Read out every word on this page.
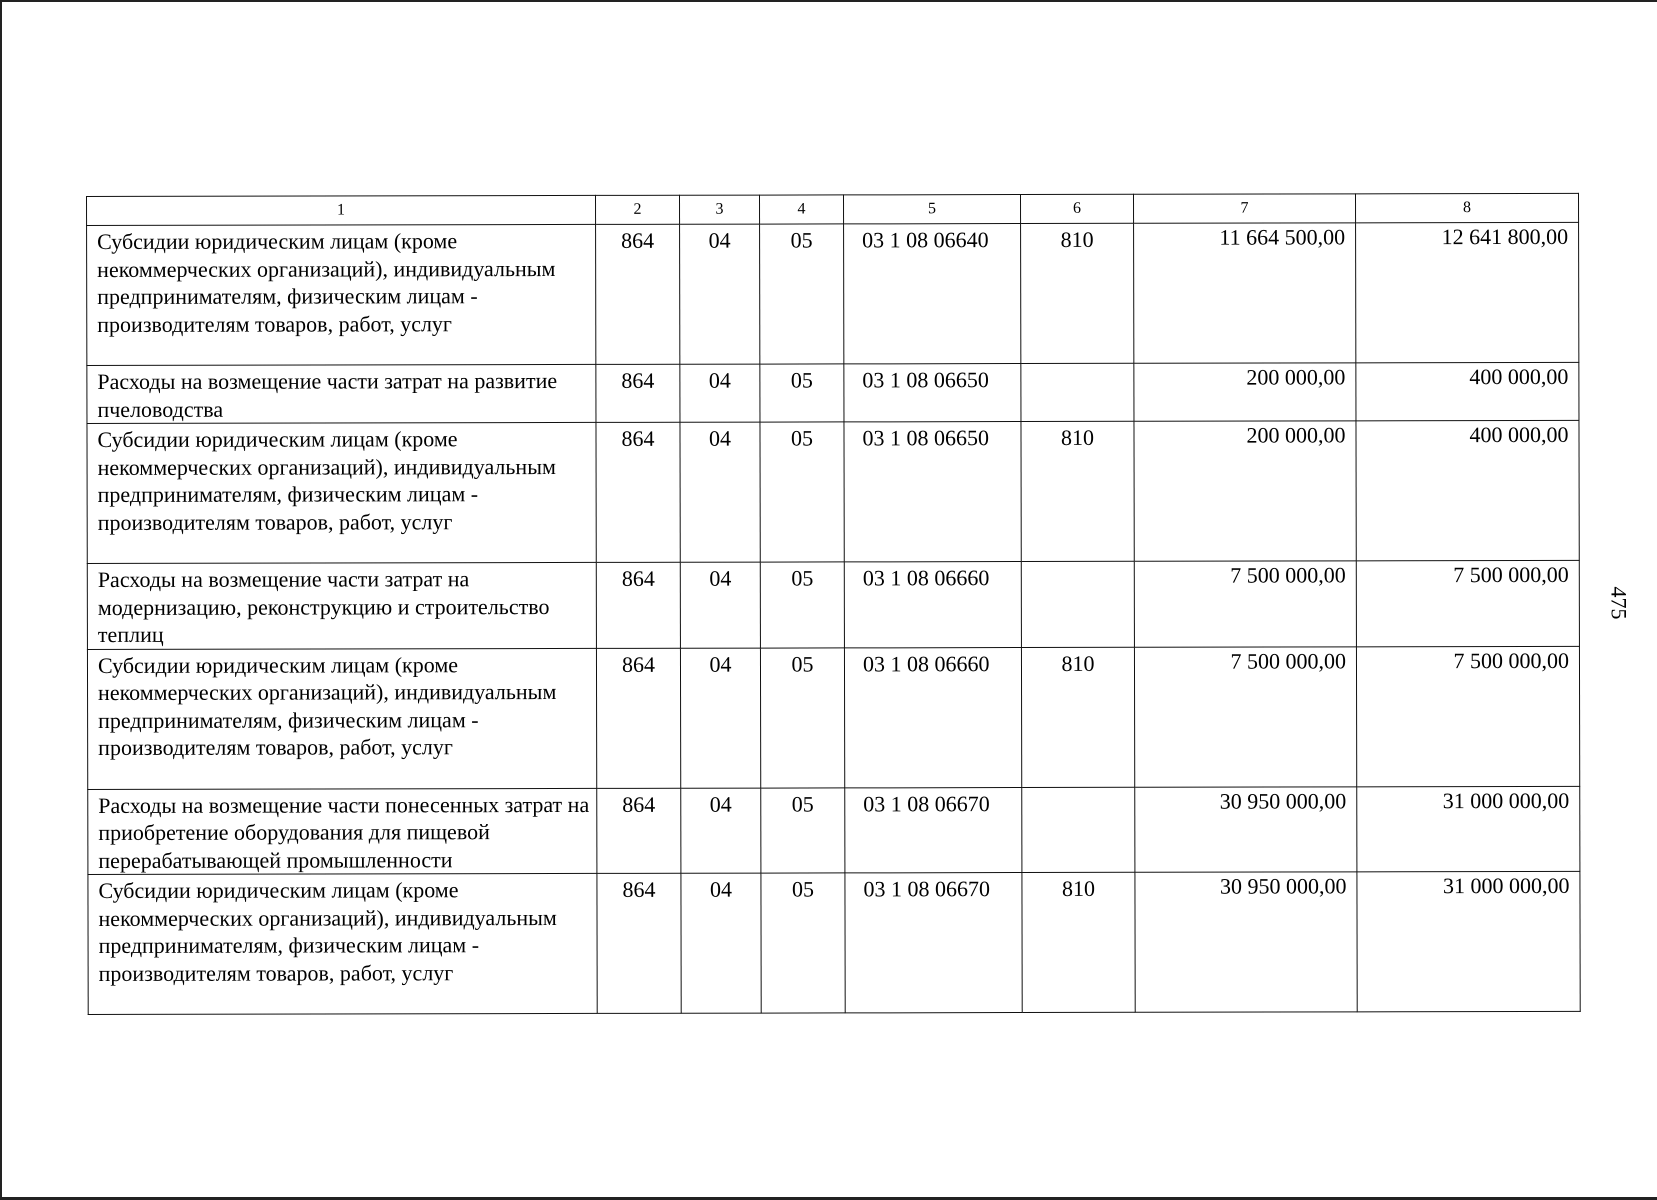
1	2	3	4	5	6	7	8
Субсидии юридическим лицам (кроме некоммерческих организаций), индивидуальным предпринимателям, физическим лицам - производителям товаров, работ, услуг	864	04	05	03 1 08 06640	810	11 664 500,00	12 641 800,00
Расходы на возмещение части затрат на развитие пчеловодства	864	04	05	03 1 08 06650		200 000,00	400 000,00
Субсидии юридическим лицам (кроме некоммерческих организаций), индивидуальным предпринимателям, физическим лицам - производителям товаров, работ, услуг	864	04	05	03 1 08 06650	810	200 000,00	400 000,00
Расходы на возмещение части затрат на модернизацию, реконструкцию и строительство теплиц	864	04	05	03 1 08 06660		7 500 000,00	7 500 000,00
Субсидии юридическим лицам (кроме некоммерческих организаций), индивидуальным предпринимателям, физическим лицам - производителям товаров, работ, услуг	864	04	05	03 1 08 06660	810	7 500 000,00	7 500 000,00
Расходы на возмещение части понесенных затрат на приобретение оборудования для пищевой перерабатывающей промышленности	864	04	05	03 1 08 06670		30 950 000,00	31 000 000,00
Субсидии юридическим лицам (кроме некоммерческих организаций), индивидуальным предпринимателям, физическим лицам - производителям товаров, работ, услуг	864	04	05	03 1 08 06670	810	30 950 000,00	31 000 000,00
475
